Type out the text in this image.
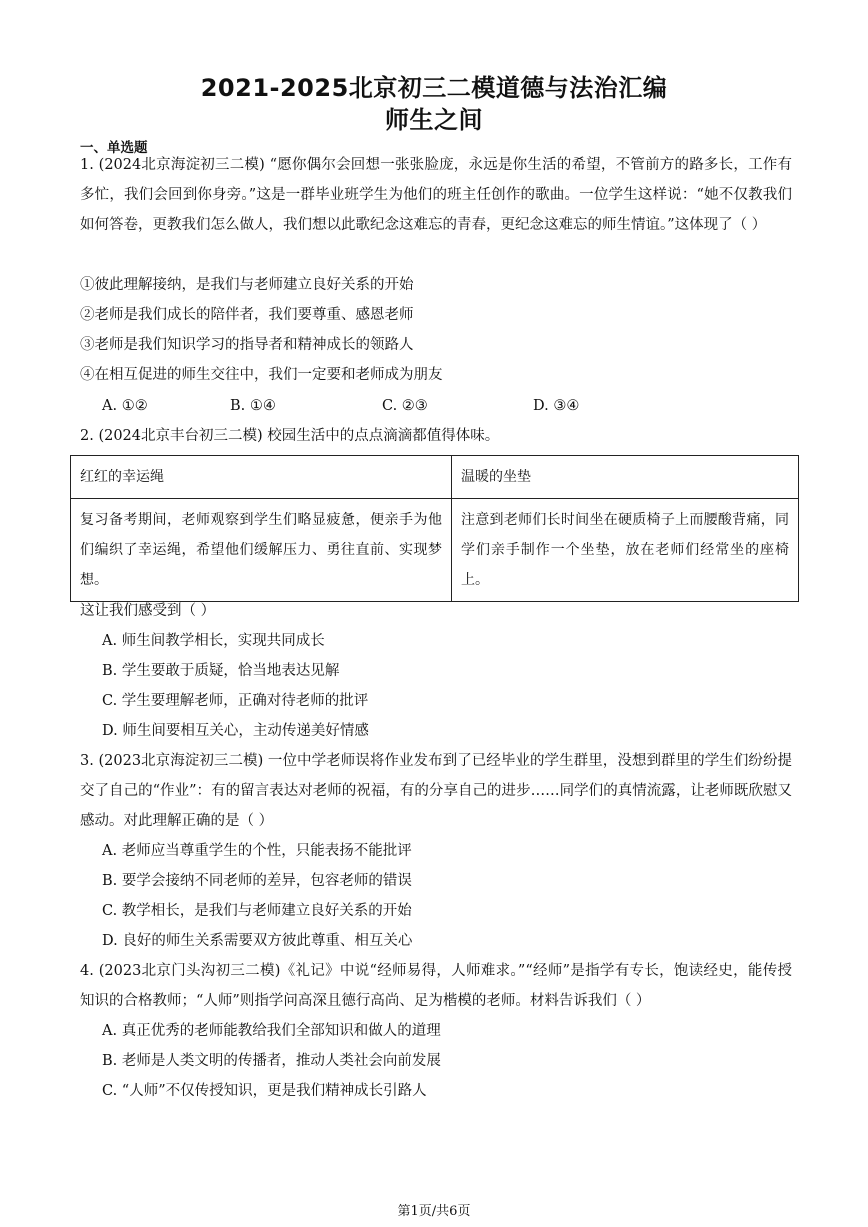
2021-2025北京初三二模道德与法治汇编
师生之间
一、单选题
1. (2024北京海淀初三二模) “愿你偶尔会回想一张张脸庞，永远是你生活的希望，不管前方的路多长，工作有多忙，我们会回到你身旁。”这是一群毕业班学生为他们的班主任创作的歌曲。一位学生这样说：“她不仅教我们如何答卷，更教我们怎么做人，我们想以此歌纪念这难忘的青春，更纪念这难忘的师生情谊。”这体现了（ ）
①彼此理解接纳，是我们与老师建立良好关系的开始
②老师是我们成长的陪伴者，我们要尊重、感恩老师
③老师是我们知识学习的指导者和精神成长的领路人
④在相互促进的师生交往中，我们一定要和老师成为朋友
A. ①②	B. ①④	C. ②③	D. ③④
2. (2024北京丰台初三二模) 校园生活中的点点滴滴都值得体味。
红红的幸运绳	温暖的坐垫
复习备考期间，老师观察到学生们略显疲惫，便亲手为他们编织了幸运绳，希望他们缓解压力、勇往直前、实现梦想。	注意到老师们长时间坐在硬质椅子上而腰酸背痛，同学们亲手制作一个坐垫，放在老师们经常坐的座椅上。
这让我们感受到（ ）
A. 师生间教学相长，实现共同成长
B. 学生要敢于质疑，恰当地表达见解
C. 学生要理解老师，正确对待老师的批评
D. 师生间要相互关心，主动传递美好情感
3. (2023北京海淀初三二模) 一位中学老师误将作业发布到了已经毕业的学生群里，没想到群里的学生们纷纷提交了自己的“作业”：有的留言表达对老师的祝福，有的分享自己的进步……同学们的真情流露，让老师既欣慰又感动。对此理解正确的是（ ）
A. 老师应当尊重学生的个性，只能表扬不能批评
B. 要学会接纳不同老师的差异，包容老师的错误
C. 教学相长，是我们与老师建立良好关系的开始
D. 良好的师生关系需要双方彼此尊重、相互关心
4. (2023北京门头沟初三二模)《礼记》中说“经师易得，人师难求。”“经师”是指学有专长，饱读经史，能传授知识的合格教师；“人师”则指学问高深且德行高尚、足为楷模的老师。材料告诉我们（ ）
A. 真正优秀的老师能教给我们全部知识和做人的道理
B. 老师是人类文明的传播者，推动人类社会向前发展
C. “人师”不仅传授知识，更是我们精神成长引路人
第1页/共6页
